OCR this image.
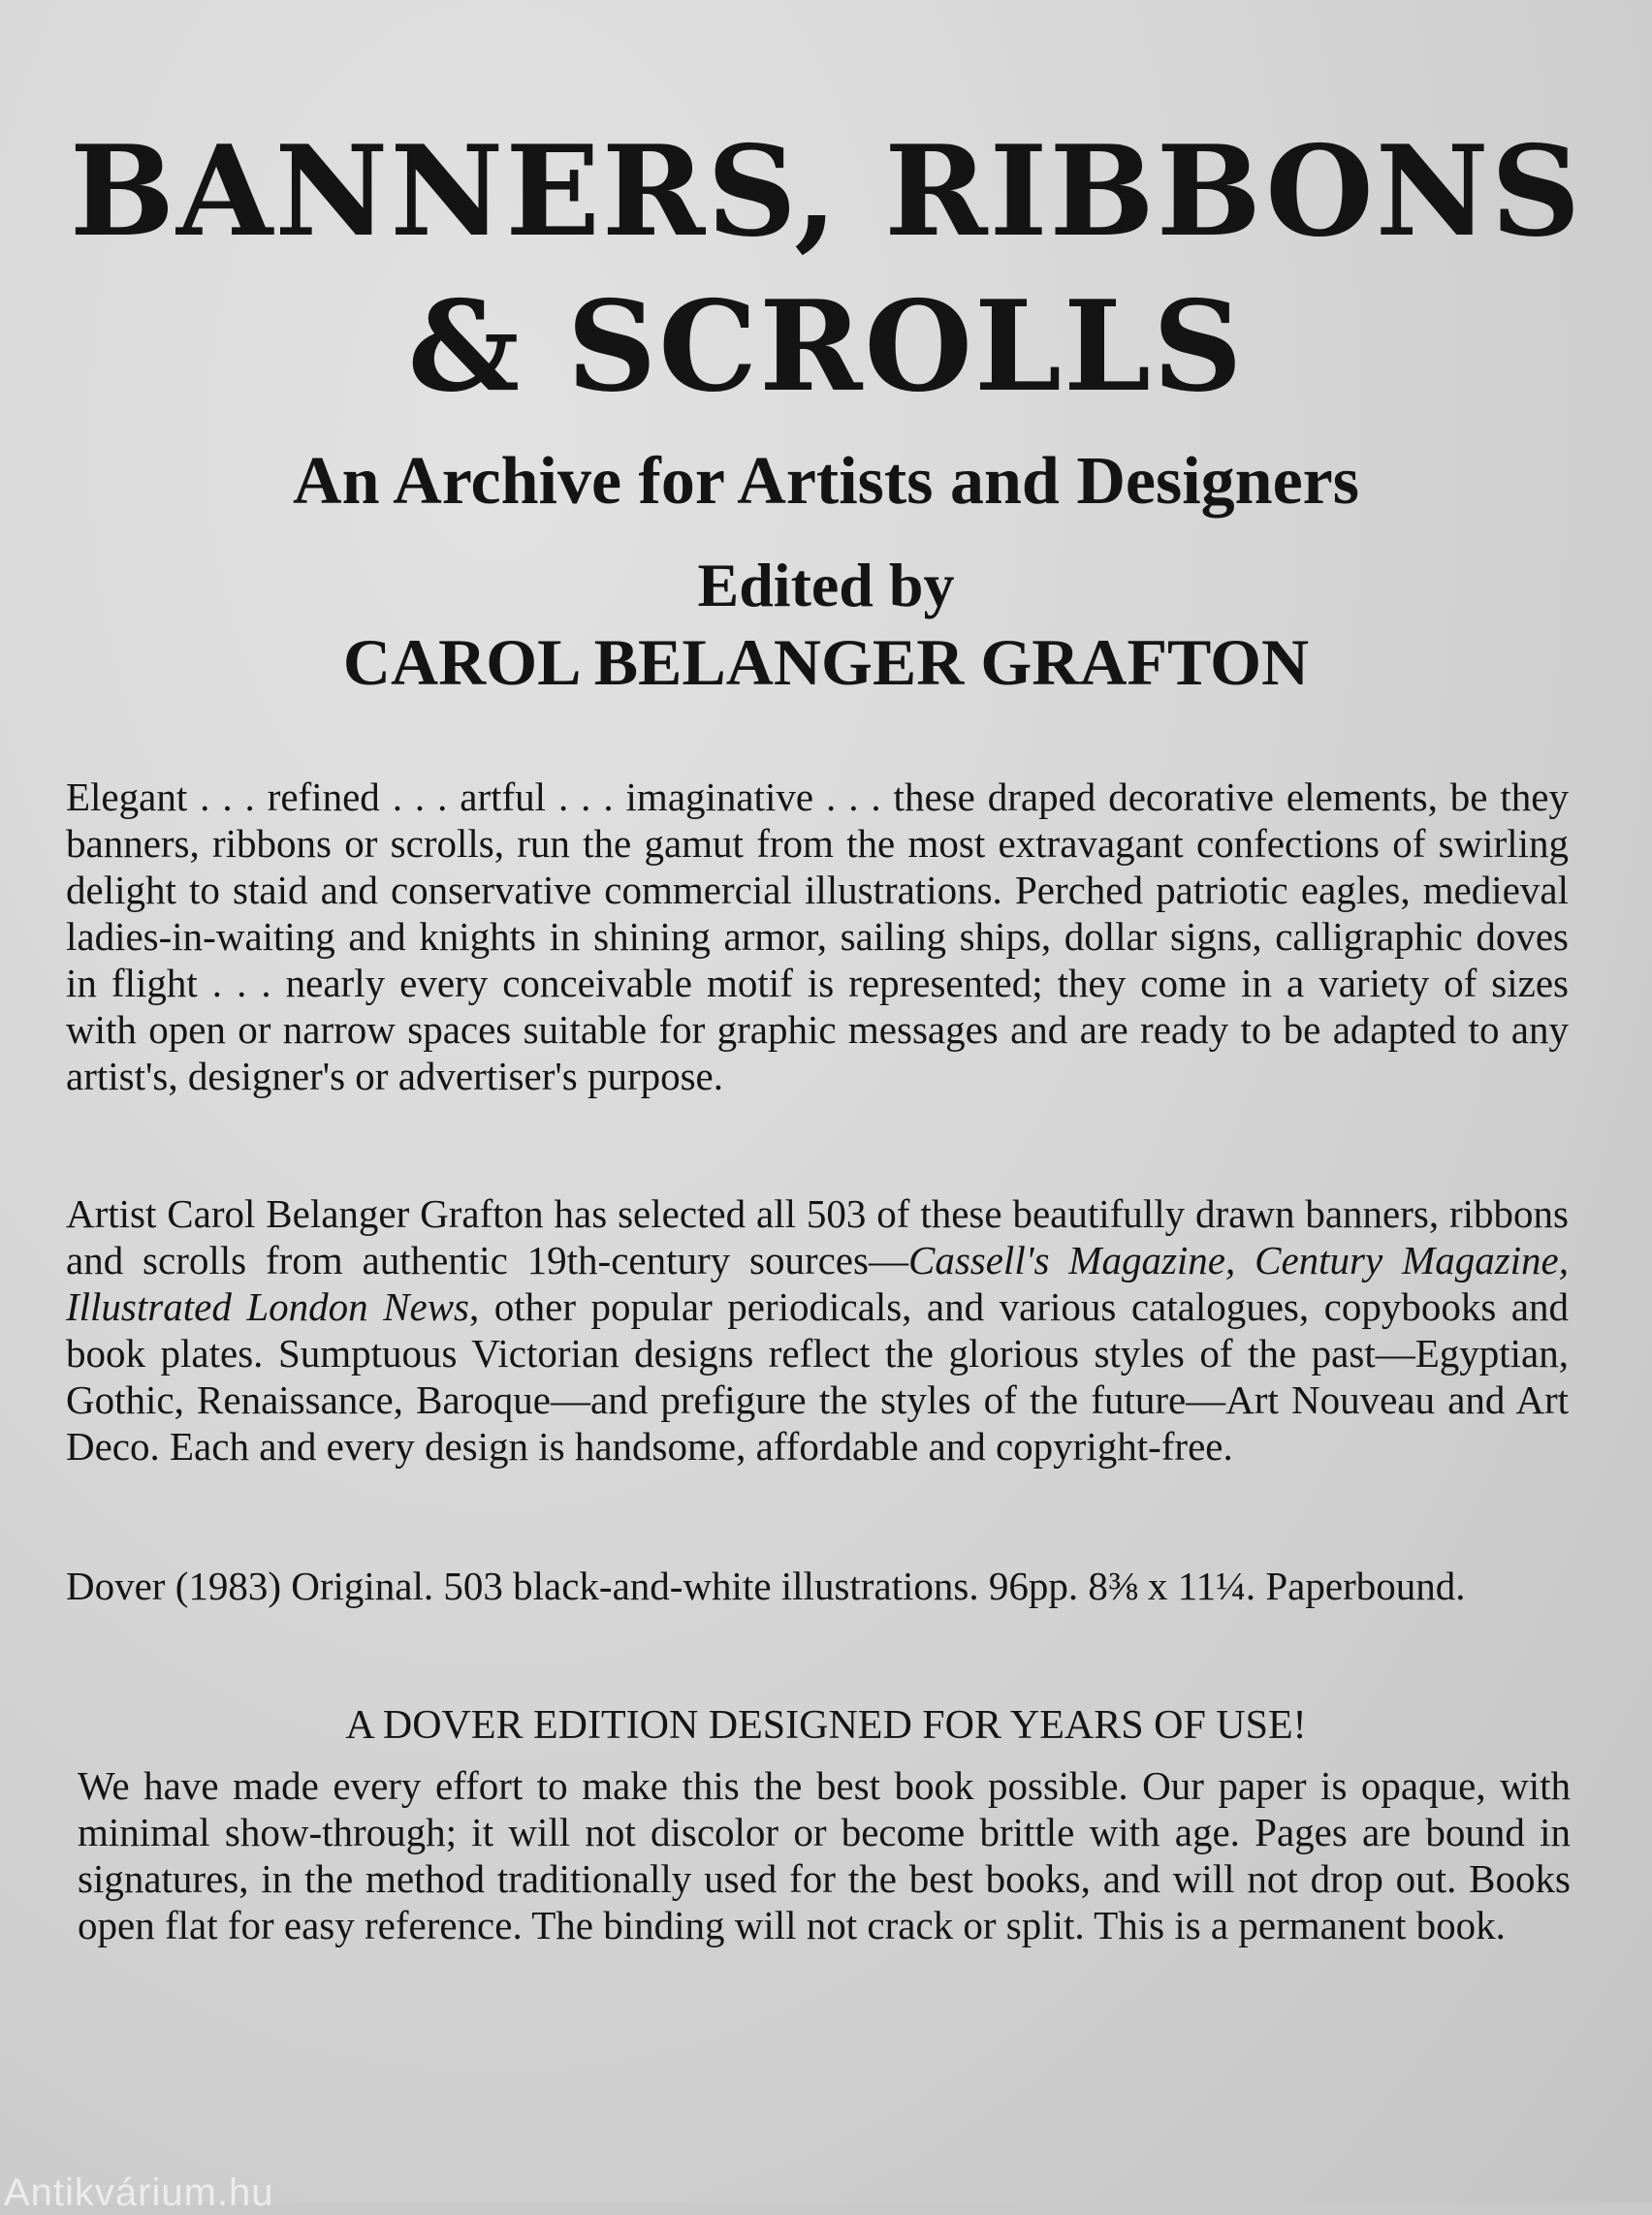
BANNERS, RIBBONS
& SCROLLS
An Archive for Artists and Designers
Edited by
CAROL BELANGER GRAFTON

Elegant . . . refined . . . artful . . . imaginative . . . these draped decorative elements, be they banners, ribbons or scrolls, run the gamut from the most extravagant confections of swirling delight to staid and conservative commercial illustrations. Perched patriotic eagles, medieval ladies-in-waiting and knights in shining armor, sailing ships, dollar signs, calligraphic doves in flight . . . nearly every conceivable motif is represented; they come in a variety of sizes with open or narrow spaces suitable for graphic messages and are ready to be adapted to any artist's, designer's or advertiser's purpose.

Artist Carol Belanger Grafton has selected all 503 of these beautifully drawn banners, ribbons and scrolls from authentic 19th-century sources—Cassell's Magazine, Century Magazine, Illustrated London News, other popular periodicals, and various catalogues, copybooks and book plates. Sumptuous Victorian designs reflect the glorious styles of the past—Egyptian, Gothic, Renaissance, Baroque—and prefigure the styles of the future—Art Nouveau and Art Deco. Each and every design is handsome, affordable and copyright-free.

Dover (1983) Original. 503 black-and-white illustrations. 96pp. 8⅜ x 11¼. Paperbound.

A DOVER EDITION DESIGNED FOR YEARS OF USE!

We have made every effort to make this the best book possible. Our paper is opaque, with minimal show-through; it will not discolor or become brittle with age. Pages are bound in signatures, in the method traditionally used for the best books, and will not drop out. Books open flat for easy reference. The binding will not crack or split. This is a permanent book.

Antikvárium.hu
